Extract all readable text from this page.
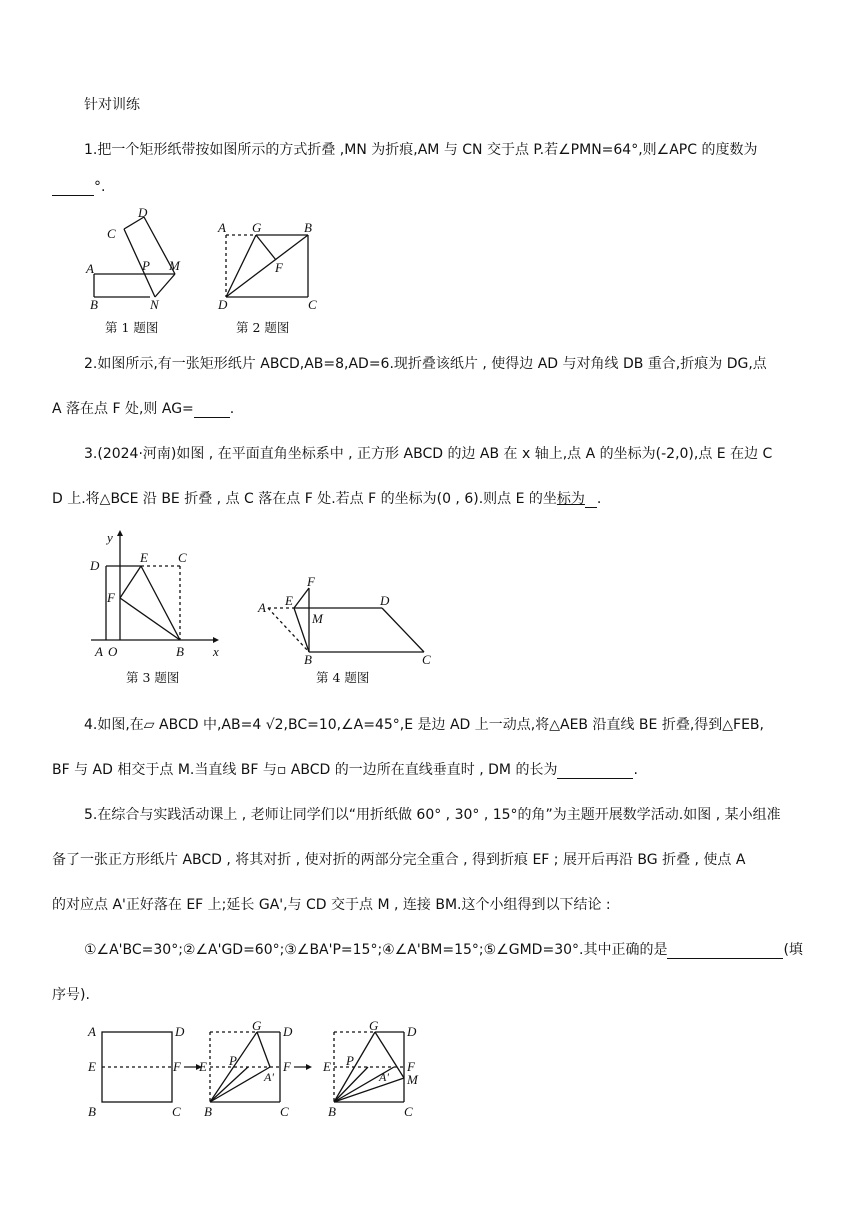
针对训练
1.把一个矩形纸带按如图所示的方式折叠 ,MN 为折痕,AM 与 CN 交于点 P.若∠PMN=64°,则∠APC 的度数为
°.
D
C
A	P M
B	N
第 1 题图
A G	B
F
D	C
第 2 题图
2.如图所示,有一张矩形纸片 ABCD,AB=8,AD=6.现折叠该纸片 , 使得边 AD 与对角线 DB 重合,折痕为 DG,点
A 落在点 F 处,则 AG=	.
3.(2024·河南)如图 , 在平面直角坐标系中 , 正方形 ABCD 的边 AB 在 x 轴上,点 A 的坐标为(-2,0),点 E 在边 C
D 上.将△BCE 沿 BE 折叠 , 点 C 落在点 F 处.若点 F 的坐标为(0 , 6).则点 E 的坐标为 .
y
D
E C
F
A O	B x
第 3 题图
F
A E	D
M
B	C
第 4 题图
4.如图,在▱ ABCD 中,AB=4 √2,BC=10,∠A=45°,E 是边 AD 上一动点,将△AEB 沿直线 BE 折叠,得到△FEB,
BF 与 AD 相交于点 M.当直线 BF 与▫ ABCD 的一边所在直线垂直时 , DM 的长为	.
5.在综合与实践活动课上 , 老师让同学们以“用折纸做 60° , 30° , 15°的角”为主题开展数学活动.如图 , 某小组准
备了一张正方形纸片 ABCD , 将其对折 , 使对折的两部分完全重合 , 得到折痕 EF ; 展开后再沿 BG 折叠 , 使点 A
的对应点 A'正好落在 EF 上;延长 GA',与 CD 交于点 M , 连接 BM.这个小组得到以下结论 :
①∠A'BC=30°;②∠A'GD=60°;③∠BA'P=15°;④∠A'BM=15°;⑤∠GMD=30°.其中正确的是	(填
序号).
A	D
E	F
B	C
G D
P
E	F
A'
B	C
G D
P
E	F
A' M
B	C
